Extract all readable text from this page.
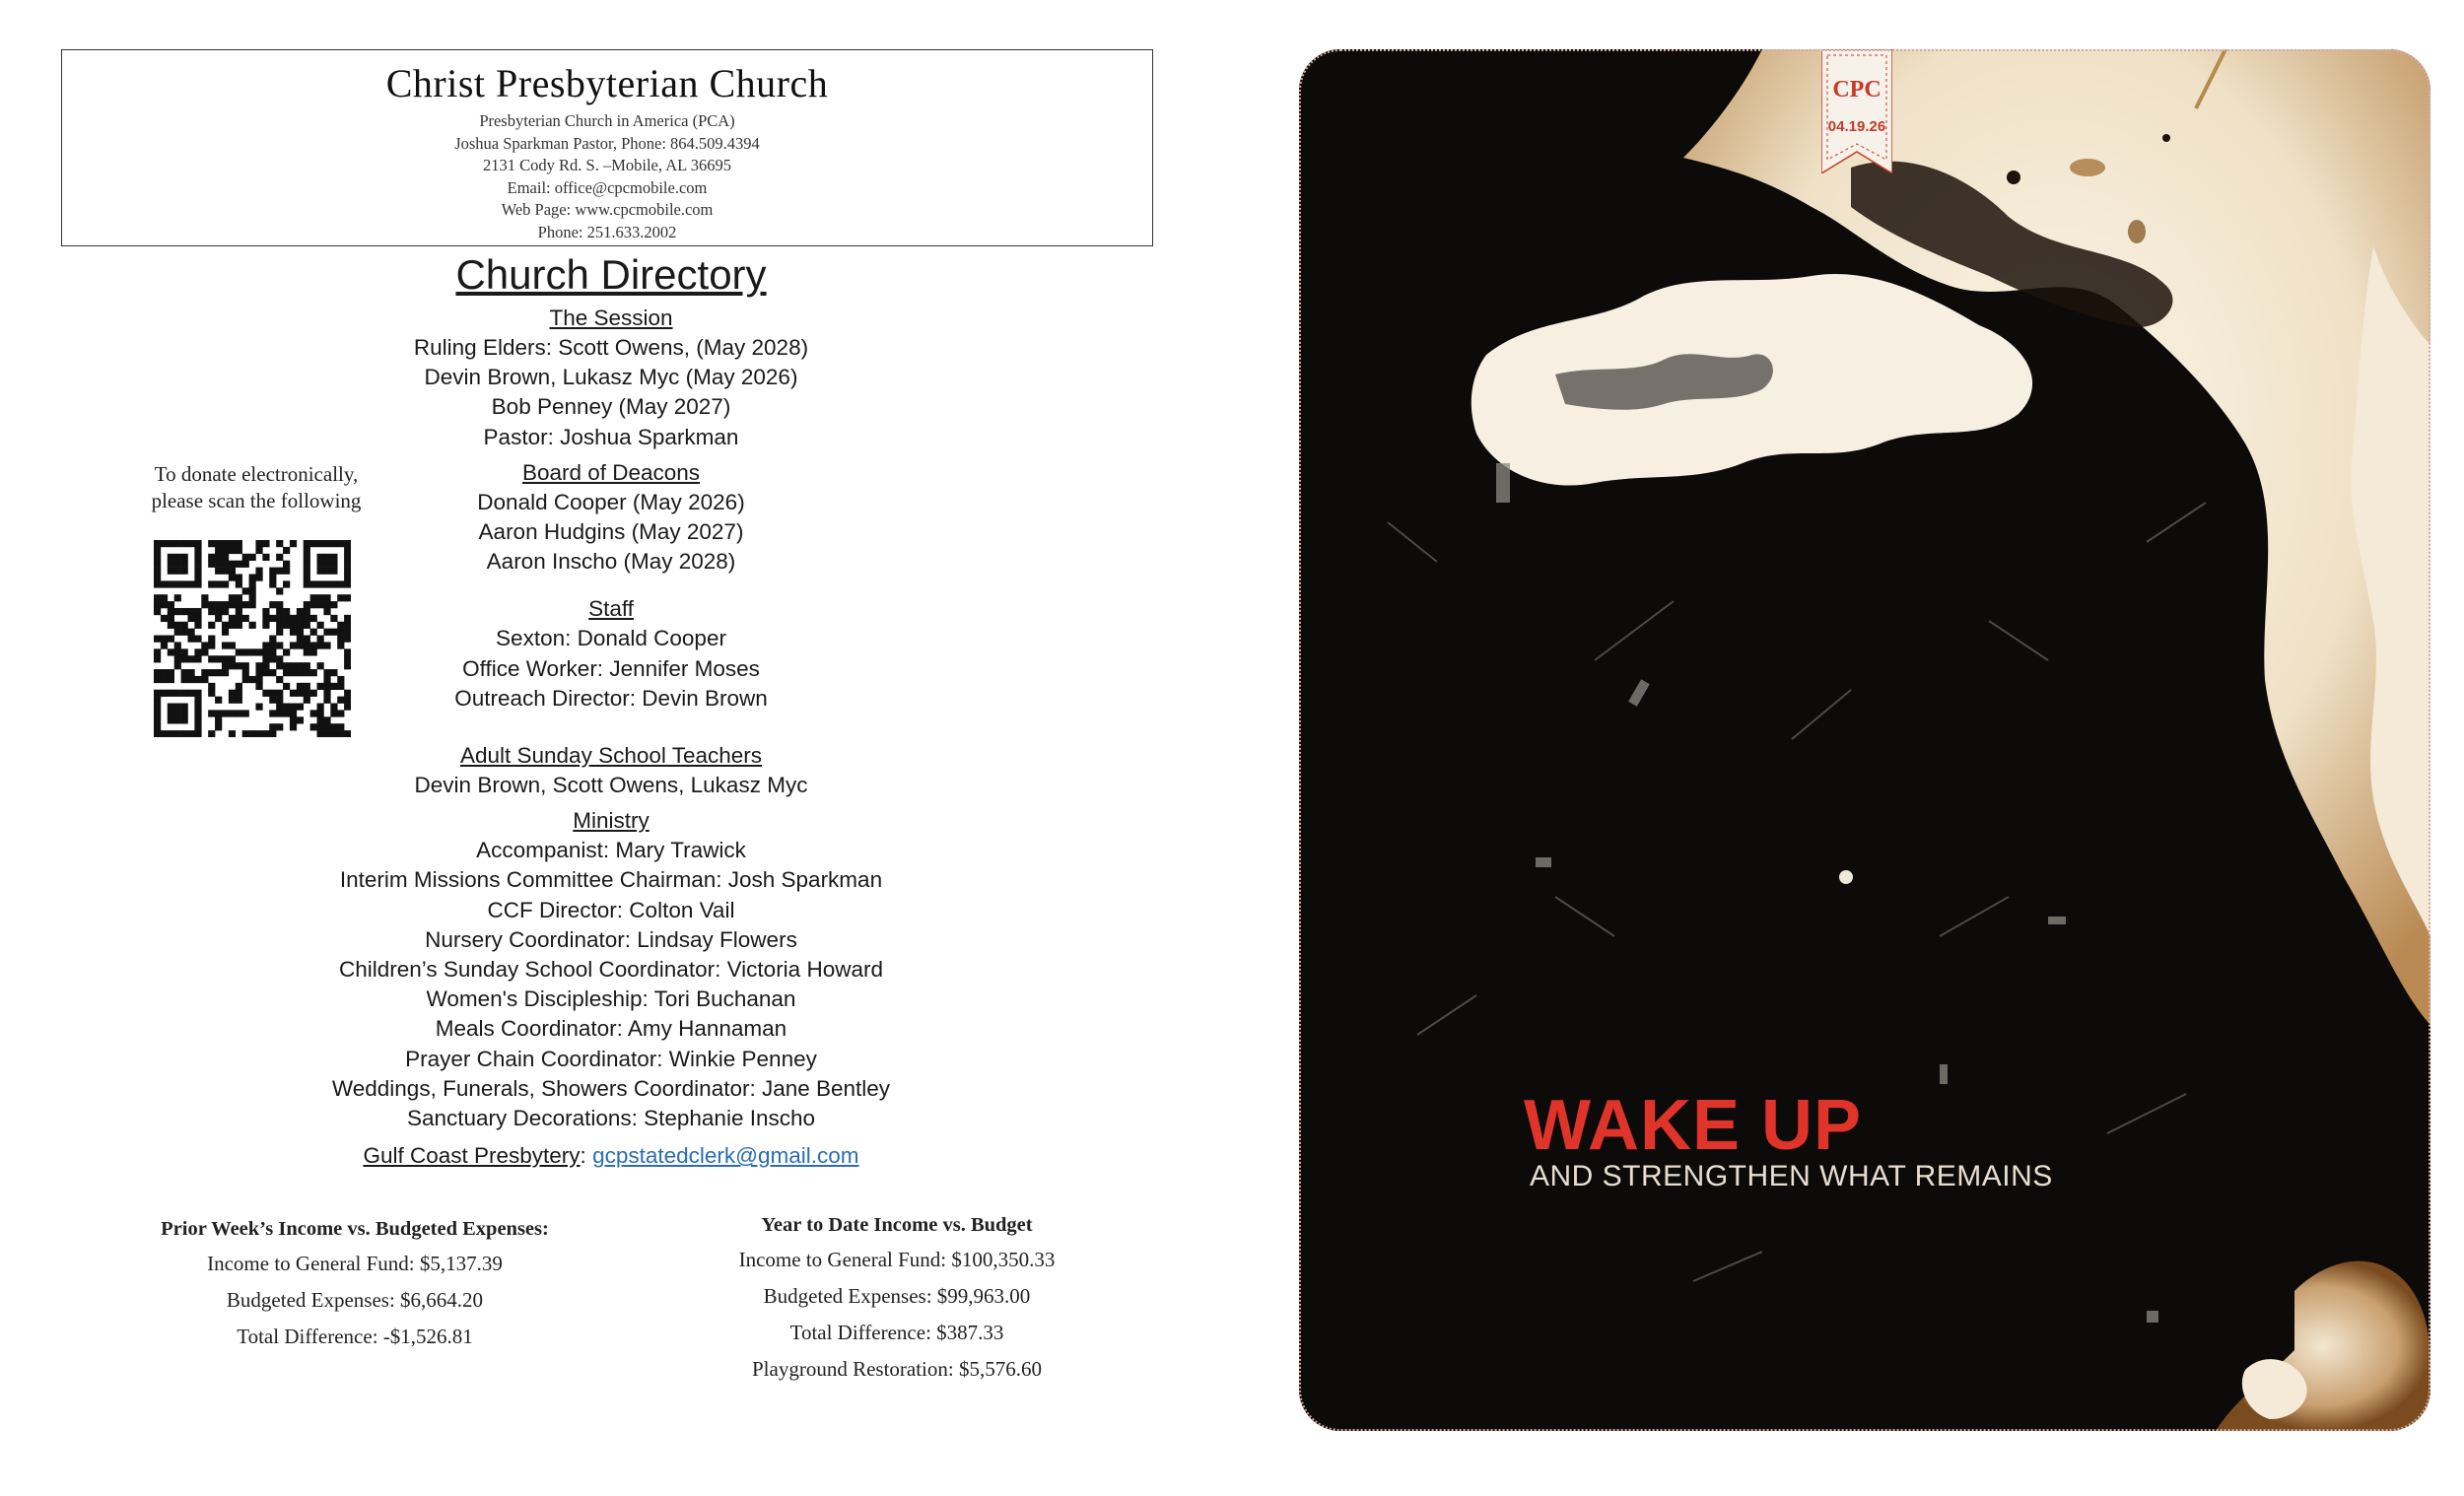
Christ Presbyterian Church
Presbyterian Church in America (PCA)
Joshua Sparkman Pastor, Phone: 864.509.4394
2131 Cody Rd. S. –Mobile, AL 36695
Email: office@cpcmobile.com
Web Page: www.cpcmobile.com
Phone: 251.633.2002
Church Directory
The Session
Ruling Elders: Scott Owens, (May 2028)
Devin Brown, Lukasz Myc (May 2026)
Bob Penney (May 2027)
Pastor: Joshua Sparkman
Board of Deacons
Donald Cooper (May 2026)
Aaron Hudgins (May 2027)
Aaron Inscho (May 2028)
Staff
Sexton: Donald Cooper
Office Worker: Jennifer Moses
Outreach Director: Devin Brown
Adult Sunday School Teachers
Devin Brown, Scott Owens, Lukasz Myc
Ministry
Accompanist: Mary Trawick
Interim Missions Committee Chairman: Josh Sparkman
CCF Director: Colton Vail
Nursery Coordinator: Lindsay Flowers
Children’s Sunday School Coordinator: Victoria Howard
Women's Discipleship: Tori Buchanan
Meals Coordinator: Amy Hannaman
Prayer Chain Coordinator: Winkie Penney
Weddings, Funerals, Showers Coordinator: Jane Bentley
Sanctuary Decorations: Stephanie Inscho
Gulf Coast Presbytery: gcpstatedclerk@gmail.com
To donate electronically,
please scan the following
Prior Week’s Income vs. Budgeted Expenses:
Income to General Fund: $5,137.39
Budgeted Expenses: $6,664.20
Total Difference: -$1,526.81
Year to Date Income vs. Budget
Income to General Fund: $100,350.33
Budgeted Expenses: $99,963.00
Total Difference: $387.33
Playground Restoration: $5,576.60
CPC
04.19.26
WAKE UP
AND STRENGTHEN WHAT REMAINS
